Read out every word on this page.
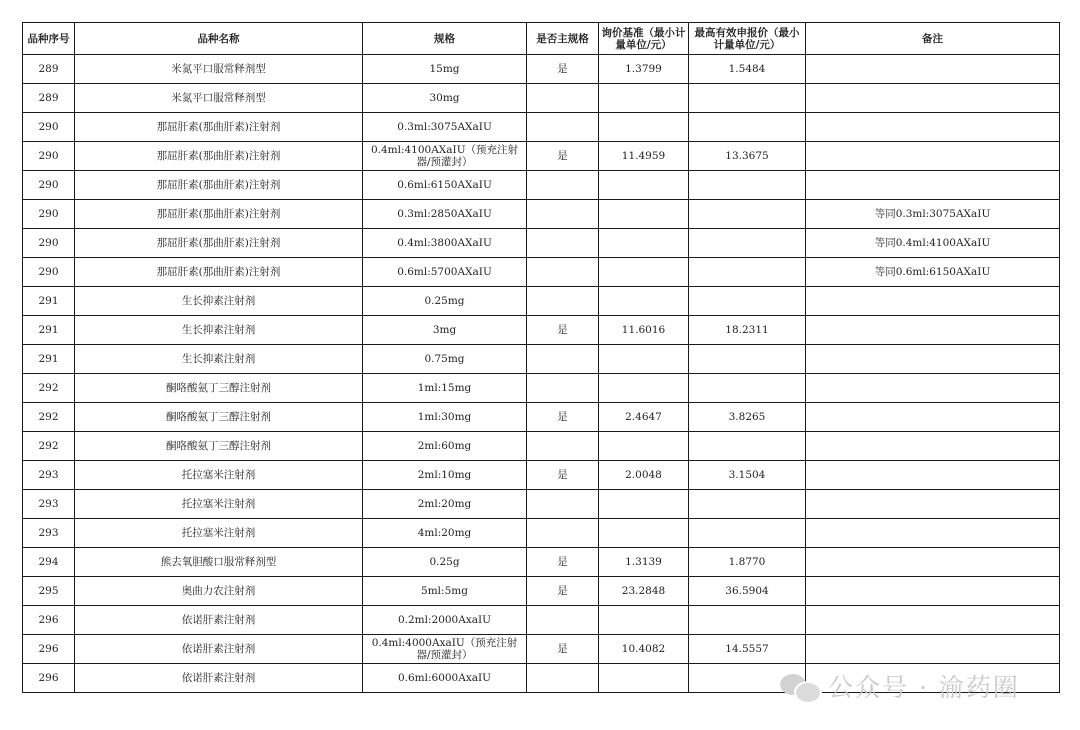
品种序号	品种名称	规格	是否主规格	询价基准（最小计量单位/元）	最高有效申报价（最小计量单位/元）	备注
289	米氮平口服常释剂型	15mg	是	1.3799	1.5484	
289	米氮平口服常释剂型	30mg				
290	那屈肝素(那曲肝素)注射剂	0.3ml:3075AXaIU				
290	那屈肝素(那曲肝素)注射剂	0.4ml:4100AXaIU（预充注射器/预灌封）	是	11.4959	13.3675	
290	那屈肝素(那曲肝素)注射剂	0.6ml:6150AXaIU				
290	那屈肝素(那曲肝素)注射剂	0.3ml:2850AXaIU				等同0.3ml:3075AXaIU
290	那屈肝素(那曲肝素)注射剂	0.4ml:3800AXaIU				等同0.4ml:4100AXaIU
290	那屈肝素(那曲肝素)注射剂	0.6ml:5700AXaIU				等同0.6ml:6150AXaIU
291	生长抑素注射剂	0.25mg				
291	生长抑素注射剂	3mg	是	11.6016	18.2311	
291	生长抑素注射剂	0.75mg				
292	酮咯酸氨丁三醇注射剂	1ml:15mg				
292	酮咯酸氨丁三醇注射剂	1ml:30mg	是	2.4647	3.8265	
292	酮咯酸氨丁三醇注射剂	2ml:60mg				
293	托拉塞米注射剂	2ml:10mg	是	2.0048	3.1504	
293	托拉塞米注射剂	2ml:20mg				
293	托拉塞米注射剂	4ml:20mg				
294	熊去氧胆酸口服常释剂型	0.25g	是	1.3139	1.8770	
295	奥曲力农注射剂	5ml:5mg	是	23.2848	36.5904	
296	依诺肝素注射剂	0.2ml:2000AxaIU				
296	依诺肝素注射剂	0.4ml:4000AxaIU（预充注射器/预灌封）	是	10.4082	14.5557	
296	依诺肝素注射剂	0.6ml:6000AxaIU					公众号 · 渝药圈
